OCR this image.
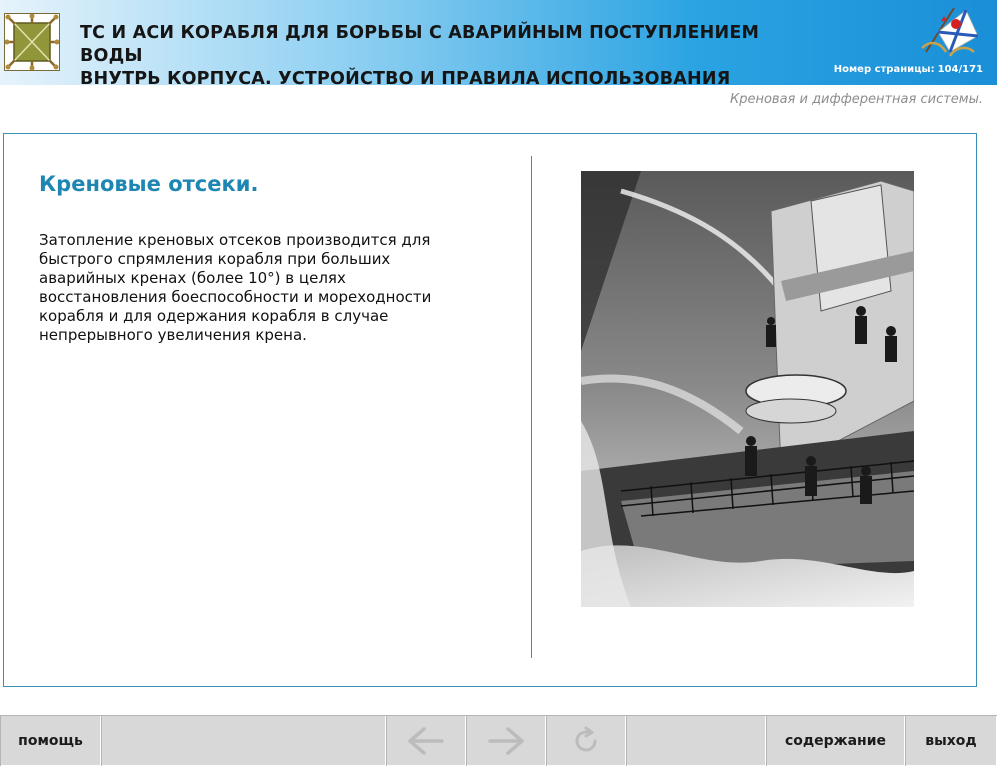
ТС И АСИ КОРАБЛЯ ДЛЯ БОРЬБЫ С АВАРИЙНЫМ ПОСТУПЛЕНИЕМ ВОДЫ
ВНУТРЬ КОРПУСА. УСТРОЙСТВО И ПРАВИЛА ИСПОЛЬЗОВАНИЯ	Номер страницы: 104/171
Креновая и дифферентная системы.
Креновые отсеки.
Затопление креновых отсеков производится для быстрого спрямления корабля при больших аварийных кренах (более 10°) в целях восстановления боеспособности и мореходности корабля и для одержания корабля в случае непрерывного увеличения крена.
помощь	содержание	выход
